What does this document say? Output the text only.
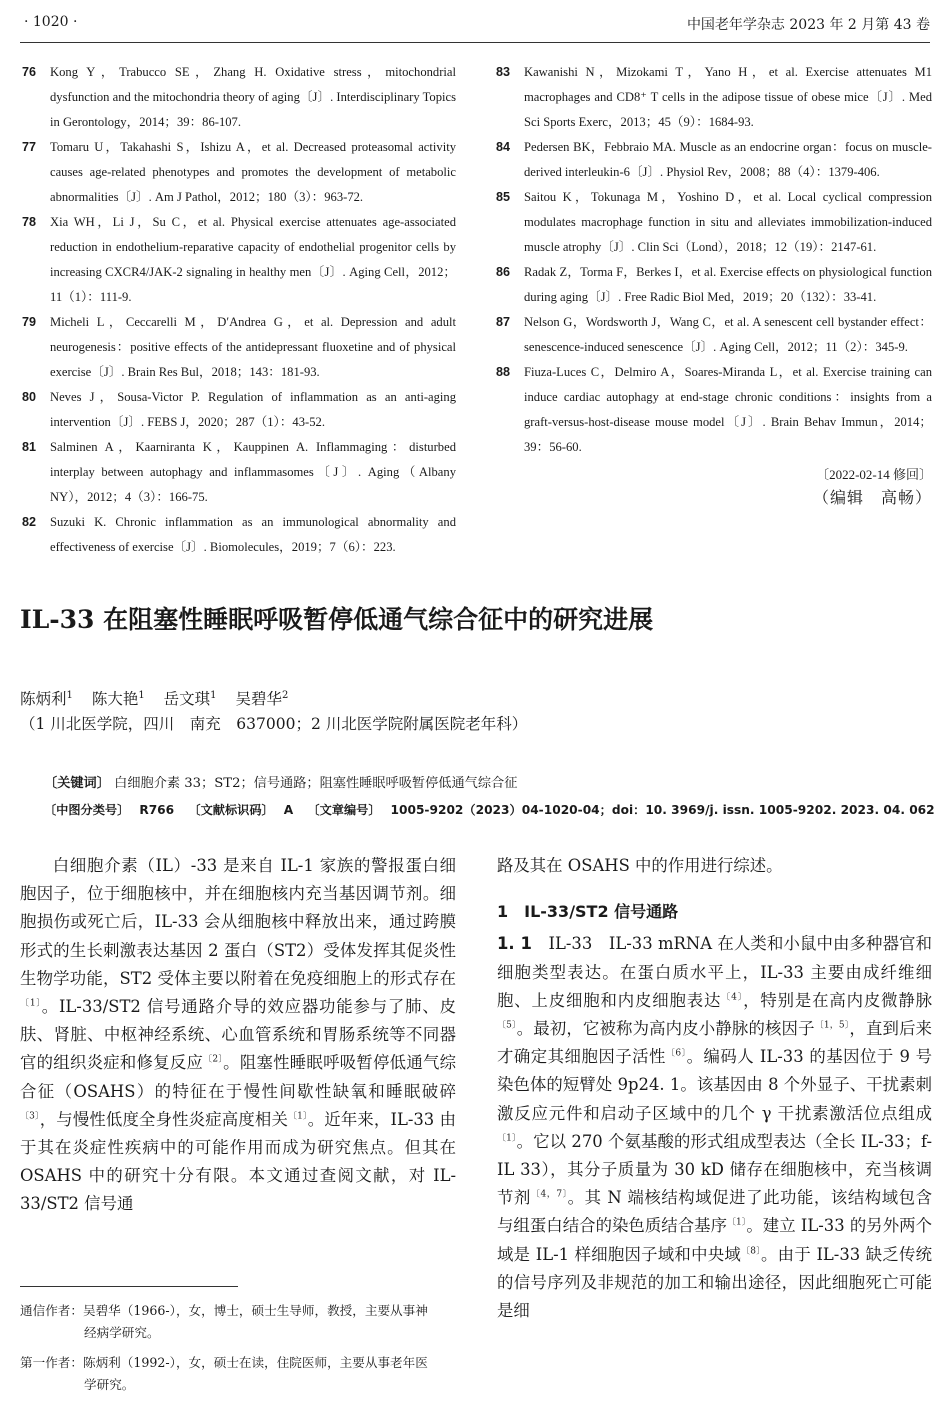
· 1020 ·	中国老年学杂志 2023 年 2 月第 43 卷
76 Kong Y，Trabucco SE，Zhang H. Oxidative stress，mitochondrial dysfunction and the mitochondria theory of aging〔J〕. Interdisciplinary Topics in Gerontology，2014；39：86-107.
77 Tomaru U，Takahashi S，Ishizu A，et al. Decreased proteasomal activity causes age-related phenotypes and promotes the development of metabolic abnormalities〔J〕. Am J Pathol，2012；180（3）：963-72.
78 Xia WH，Li J，Su C，et al. Physical exercise attenuates age-associated reduction in endothelium-reparative capacity of endothelial progenitor cells by increasing CXCR4/JAK-2 signaling in healthy men〔J〕. Aging Cell，2012；11（1）：111-9.
79 Micheli L，Ceccarelli M，D′Andrea G，et al. Depression and adult neurogenesis：positive effects of the antidepressant fluoxetine and of physical exercise〔J〕. Brain Res Bul，2018；143：181-93.
80 Neves J，Sousa-Victor P. Regulation of inflammation as an anti-aging intervention〔J〕. FEBS J，2020；287（1）：43-52.
81 Salminen A，Kaarniranta K，Kauppinen A. Inflammaging：disturbed interplay between autophagy and inflammasomes〔J〕. Aging（Albany NY），2012；4（3）：166-75.
82 Suzuki K. Chronic inflammation as an immunological abnormality and effectiveness of exercise〔J〕. Biomolecules，2019；7（6）：223.
83 Kawanishi N，Mizokami T，Yano H，et al. Exercise attenuates M1 macrophages and CD8⁺ T cells in the adipose tissue of obese mice〔J〕. Med Sci Sports Exerc，2013；45（9）：1684-93.
84 Pedersen BK，Febbraio MA. Muscle as an endocrine organ：focus on muscle-derived interleukin-6〔J〕. Physiol Rev，2008；88（4）：1379-406.
85 Saitou K，Tokunaga M，Yoshino D，et al. Local cyclical compression modulates macrophage function in situ and alleviates immobilization-induced muscle atrophy〔J〕. Clin Sci（Lond），2018；12（19）：2147-61.
86 Radak Z，Torma F，Berkes I，et al. Exercise effects on physiological function during aging〔J〕. Free Radic Biol Med，2019；20（132）：33-41.
87 Nelson G，Wordsworth J，Wang C，et al. A senescent cell bystander effect：senescence-induced senescence〔J〕. Aging Cell，2012；11（2）：345-9.
88 Fiuza-Luces C，Delmiro A，Soares-Miranda L，et al. Exercise training can induce cardiac autophagy at end-stage chronic conditions：insights from a graft-versus-host-disease mouse model〔J〕. Brain Behav Immun，2014；39：56-60.
〔2022-02-14 修回〕
（编辑　高畅）
IL-33 在阻塞性睡眠呼吸暂停低通气综合征中的研究进展
陈炳利$^1$ 陈大艳$^1$ 岳文琪$^1$ 吴碧华$^2$
（1 川北医学院，四川　南充　637000；2 川北医学院附属医院老年科）
〔关键词〕 白细胞介素 33；ST2；信号通路；阻塞性睡眠呼吸暂停低通气综合征
〔中图分类号〕 R766 〔文献标识码〕 A 〔文章编号〕 1005-9202（2023）04-1020-04；doi：10. 3969/j. issn. 1005-9202. 2023. 04. 062

白细胞介素（IL）-33 是来自 IL-1 家族的警报蛋白细胞因子，位于细胞核中，并在细胞核内充当基因调节剂。细胞损伤或死亡后，IL-33 会从细胞核中释放出来，通过跨膜形式的生长刺激表达基因 2 蛋白（ST2）受体发挥其促炎性生物学功能，ST2 受体主要以附着在免疫细胞上的形式存在$^{〔1〕}$。IL-33/ST2 信号通路介导的效应器功能参与了肺、皮肤、肾脏、中枢神经系统、心血管系统和胃肠系统等不同器官的组织炎症和修复反应$^{〔2〕}$。阻塞性睡眠呼吸暂停低通气综合征（OSAHS）的特征在于慢性间歇性缺氧和睡眠破碎$^{〔3〕}$，与慢性低度全身性炎症高度相关$^{〔1〕}$。近年来，IL-33 由于其在炎症性疾病中的可能作用而成为研究焦点。但其在 OSAHS 中的研究十分有限。本文通过查阅文献，对 IL-33/ST2 信号通

路及其在 OSAHS 中的作用进行综述。

1　IL-33/ST2 信号通路

1. 1　IL-33　IL-33 mRNA 在人类和小鼠中由多种器官和细胞类型表达。在蛋白质水平上，IL-33 主要由成纤维细胞、上皮细胞和内皮细胞表达$^{〔4〕}$，特别是在高内皮微静脉$^{〔5〕}$。最初，它被称为高内皮小静脉的核因子$^{〔1,5〕}$，直到后来才确定其细胞因子活性$^{〔6〕}$。编码人 IL-33 的基因位于 9 号染色体的短臂处 9p24. 1。该基因由 8 个外显子、干扰素刺激反应元件和启动子区域中的几个 γ 干扰素激活位点组成$^{〔1〕}$。它以 270 个氨基酸的形式组成型表达（全长 IL-33；f-IL 33），其分子质量为 30 kD 储存在细胞核中，充当核调节剂$^{〔4,7〕}$。其 N 端核结构域促进了此功能，该结构域包含与组蛋白结合的染色质结合基序$^{〔1〕}$。建立 IL-33 的另外两个域是 IL-1 样细胞因子域和中央域$^{〔8〕}$。由于 IL-33 缺乏传统的信号序列及非规范的加工和输出途径，因此细胞死亡可能是细

通信作者：吴碧华（1966-），女，博士，硕士生导师，教授，主要从事神
经病学研究。
第一作者：陈炳利（1992-），女，硕士在读，住院医师，主要从事老年医
学研究。
